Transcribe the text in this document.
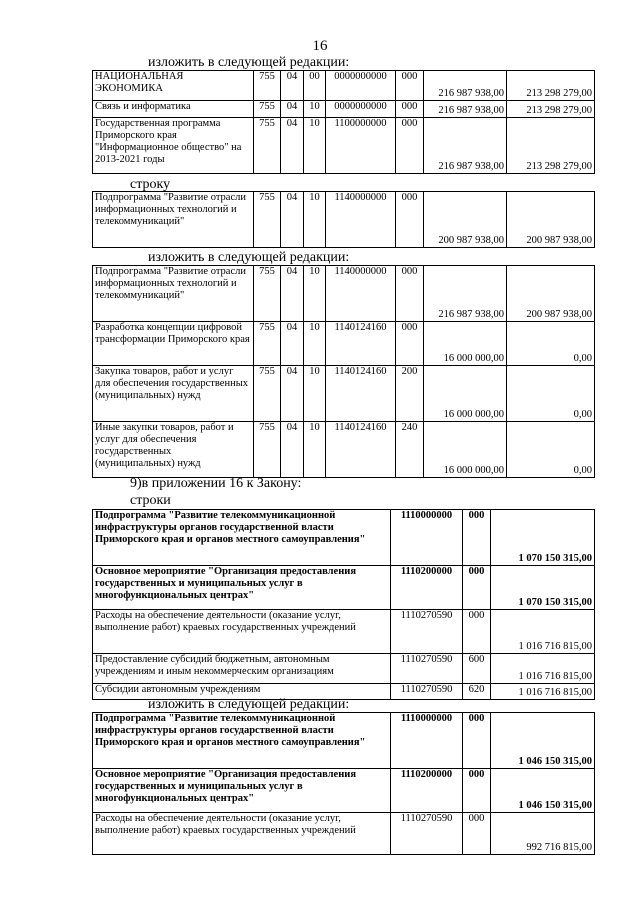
16
изложить в следующей редакции:
НАЦИОНАЛЬНАЯ ЭКОНОМИКА	755	04	00	0000000000	000	216 987 938,00	213 298 279,00
Связь и информатика	755	04	10	0000000000	000	216 987 938,00	213 298 279,00
Государственная программа Приморского края "Информационное общество" на 2013-2021 годы	755	04	10	1100000000	000	216 987 938,00	213 298 279,00
строку
Подпрограмма "Развитие отрасли информационных технологий и телекоммуникаций"	755	04	10	1140000000	000	200 987 938,00	200 987 938,00
изложить в следующей редакции:
Подпрограмма "Развитие отрасли информационных технологий и телекоммуникаций"	755	04	10	1140000000	000	216 987 938,00	200 987 938,00
Разработка концепции цифровой трансформации Приморского края	755	04	10	1140124160	000	16 000 000,00	0,00
Закупка товаров, работ и услуг для обеспечения государственных (муниципальных) нужд	755	04	10	1140124160	200	16 000 000,00	0,00
Иные закупки товаров, работ и услуг для обеспечения государственных (муниципальных) нужд	755	04	10	1140124160	240	16 000 000,00	0,00
9)в приложении 16 к Закону:
строки
Подпрограмма "Развитие телекоммуникационной инфраструктуры органов государственной власти Приморского края и органов местного самоуправления"	1110000000	000	1 070 150 315,00
Основное мероприятие "Организация предоставления государственных и муниципальных услуг в многофункциональных центрах"	1110200000	000	1 070 150 315,00
Расходы на обеспечение деятельности (оказание услуг, выполнение работ) краевых государственных учреждений	1110270590	000	1 016 716 815,00
Предоставление субсидий бюджетным, автономным учреждениям и иным некоммерческим организациям	1110270590	600	1 016 716 815,00
Субсидии автономным учреждениям	1110270590	620	1 016 716 815,00
изложить в следующей редакции:
Подпрограмма "Развитие телекоммуникационной инфраструктуры органов государственной власти Приморского края и органов местного самоуправления"	1110000000	000	1 046 150 315,00
Основное мероприятие "Организация предоставления государственных и муниципальных услуг в многофункциональных центрах"	1110200000	000	1 046 150 315,00
Расходы на обеспечение деятельности (оказание услуг, выполнение работ) краевых государственных учреждений	1110270590	000	992 716 815,00
